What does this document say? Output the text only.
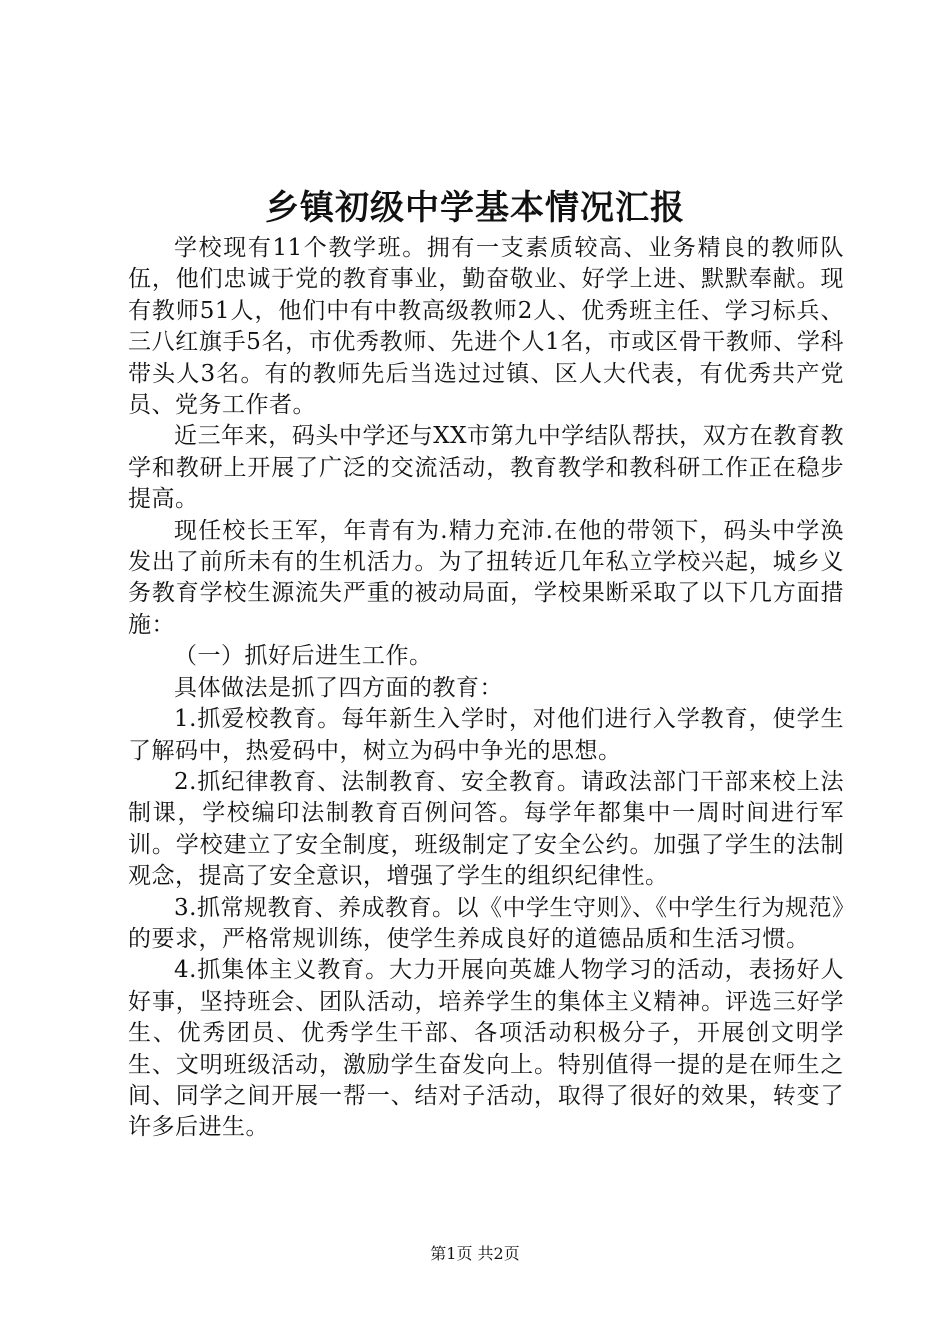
乡镇初级中学基本情况汇报

学校现有11个教学班。拥有一支素质较高、业务精良的教师队伍，他们忠诚于党的教育事业，勤奋敬业、好学上进、默默奉献。现有教师51人，他们中有中教高级教师2人、优秀班主任、学习标兵、三八红旗手5名，市优秀教师、先进个人1名，市或区骨干教师、学科带头人3名。有的教师先后当选过过镇、区人大代表，有优秀共产党员、党务工作者。

近三年来，码头中学还与XX市第九中学结队帮扶，双方在教育教学和教研上开展了广泛的交流活动，教育教学和教科研工作正在稳步提高。

现任校长王军，年青有为.精力充沛.在他的带领下，码头中学涣发出了前所未有的生机活力。为了扭转近几年私立学校兴起，城乡义务教育学校生源流失严重的被动局面，学校果断采取了以下几方面措施：

（一）抓好后进生工作。

具体做法是抓了四方面的教育：

1.抓爱校教育。每年新生入学时，对他们进行入学教育，使学生了解码中，热爱码中，树立为码中争光的思想。

2.抓纪律教育、法制教育、安全教育。请政法部门干部来校上法制课，学校编印法制教育百例问答。每学年都集中一周时间进行军训。学校建立了安全制度，班级制定了安全公约。加强了学生的法制观念，提高了安全意识，增强了学生的组织纪律性。

3.抓常规教育、养成教育。以《中学生守则》、《中学生行为规范》的要求，严格常规训练，使学生养成良好的道德品质和生活习惯。

4.抓集体主义教育。大力开展向英雄人物学习的活动，表扬好人好事，坚持班会、团队活动，培养学生的集体主义精神。评选三好学生、优秀团员、优秀学生干部、各项活动积极分子，开展创文明学生、文明班级活动，激励学生奋发向上。特别值得一提的是在师生之间、同学之间开展一帮一、结对子活动，取得了很好的效果，转变了许多后进生。

第1页 共2页
